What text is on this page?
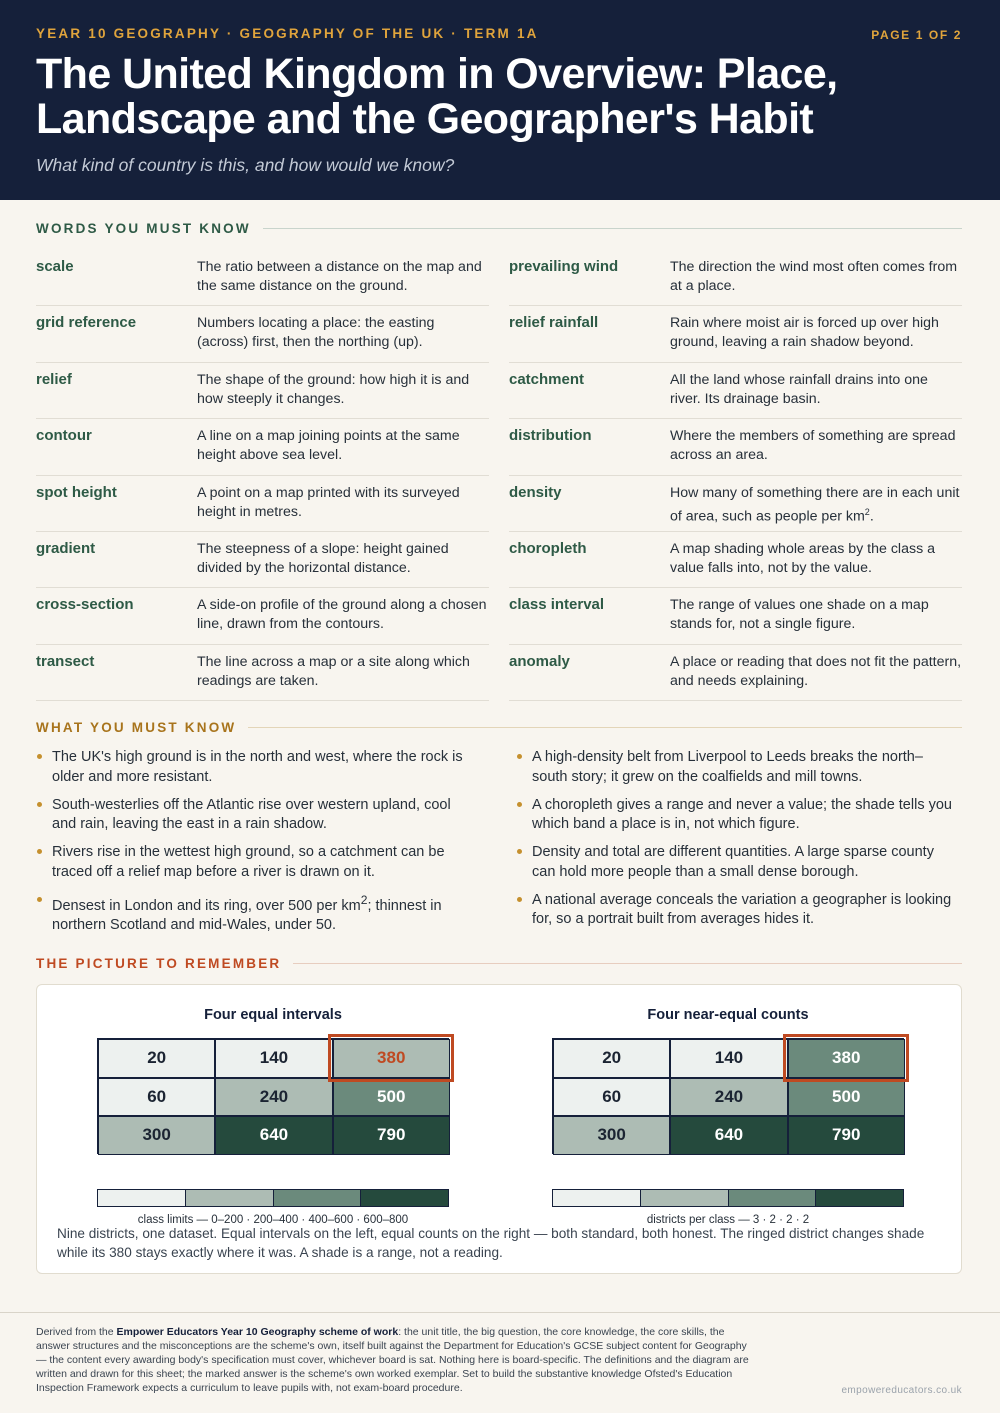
YEAR 10 GEOGRAPHY · GEOGRAPHY OF THE UK · TERM 1A	PAGE 1 OF 2
The United Kingdom in Overview: Place, Landscape and the Geographer's Habit
What kind of country is this, and how would we know?
WORDS YOU MUST KNOW
scale	The ratio between a distance on the map and the same distance on the ground.
grid reference	Numbers locating a place: the easting (across) first, then the northing (up).
relief	The shape of the ground: how high it is and how steeply it changes.
contour	A line on a map joining points at the same height above sea level.
spot height	A point on a map printed with its surveyed height in metres.
gradient	The steepness of a slope: height gained divided by the horizontal distance.
cross-section	A side-on profile of the ground along a chosen line, drawn from the contours.
transect	The line across a map or a site along which readings are taken.
prevailing wind	The direction the wind most often comes from at a place.
relief rainfall	Rain where moist air is forced up over high ground, leaving a rain shadow beyond.
catchment	All the land whose rainfall drains into one river. Its drainage basin.
distribution	Where the members of something are spread across an area.
density	How many of something there are in each unit of area, such as people per $km^2$.
choropleth	A map shading whole areas by the class a value falls into, not by the value.
class interval	The range of values one shade on a map stands for, not a single figure.
anomaly	A place or reading that does not fit the pattern, and needs explaining.
WHAT YOU MUST KNOW
The UK's high ground is in the north and west, where the rock is older and more resistant.
South-westerlies off the Atlantic rise over western upland, cool and rain, leaving the east in a rain shadow.
Rivers rise in the wettest high ground, so a catchment can be traced off a relief map before a river is drawn on it.
Densest in London and its ring, over 500 per $km^2$; thinnest in northern Scotland and mid-Wales, under 50.
A high-density belt from Liverpool to Leeds breaks the north–south story; it grew on the coalfields and mill towns.
A choropleth gives a range and never a value; the shade tells you which band a place is in, not which figure.
Density and total are different quantities. A large sparse county can hold more people than a small dense borough.
A national average conceals the variation a geographer is looking for, so a portrait built from averages hides it.
THE PICTURE TO REMEMBER
Four equal intervals
20	140	380
60	240	500
300	640	790
class limits — 0–200 · 200–400 · 400–600 · 600–800
Four near-equal counts
20	140	380
60	240	500
300	640	790
districts per class — 3 · 2 · 2 · 2
Nine districts, one dataset. Equal intervals on the left, equal counts on the right — both standard, both honest. The ringed district changes shade while its 380 stays exactly where it was. A shade is a range, not a reading.
Derived from the Empower Educators Year 10 Geography scheme of work: the unit title, the big question, the core knowledge, the core skills, the answer structures and the misconceptions are the scheme's own, itself built against the Department for Education's GCSE subject content for Geography — the content every awarding body's specification must cover, whichever board is sat. Nothing here is board-specific. The definitions and the diagram are written and drawn for this sheet; the marked answer is the scheme's own worked exemplar. Set to build the substantive knowledge Ofsted's Education Inspection Framework expects a curriculum to leave pupils with, not exam-board procedure.	empowereducators.co.uk
